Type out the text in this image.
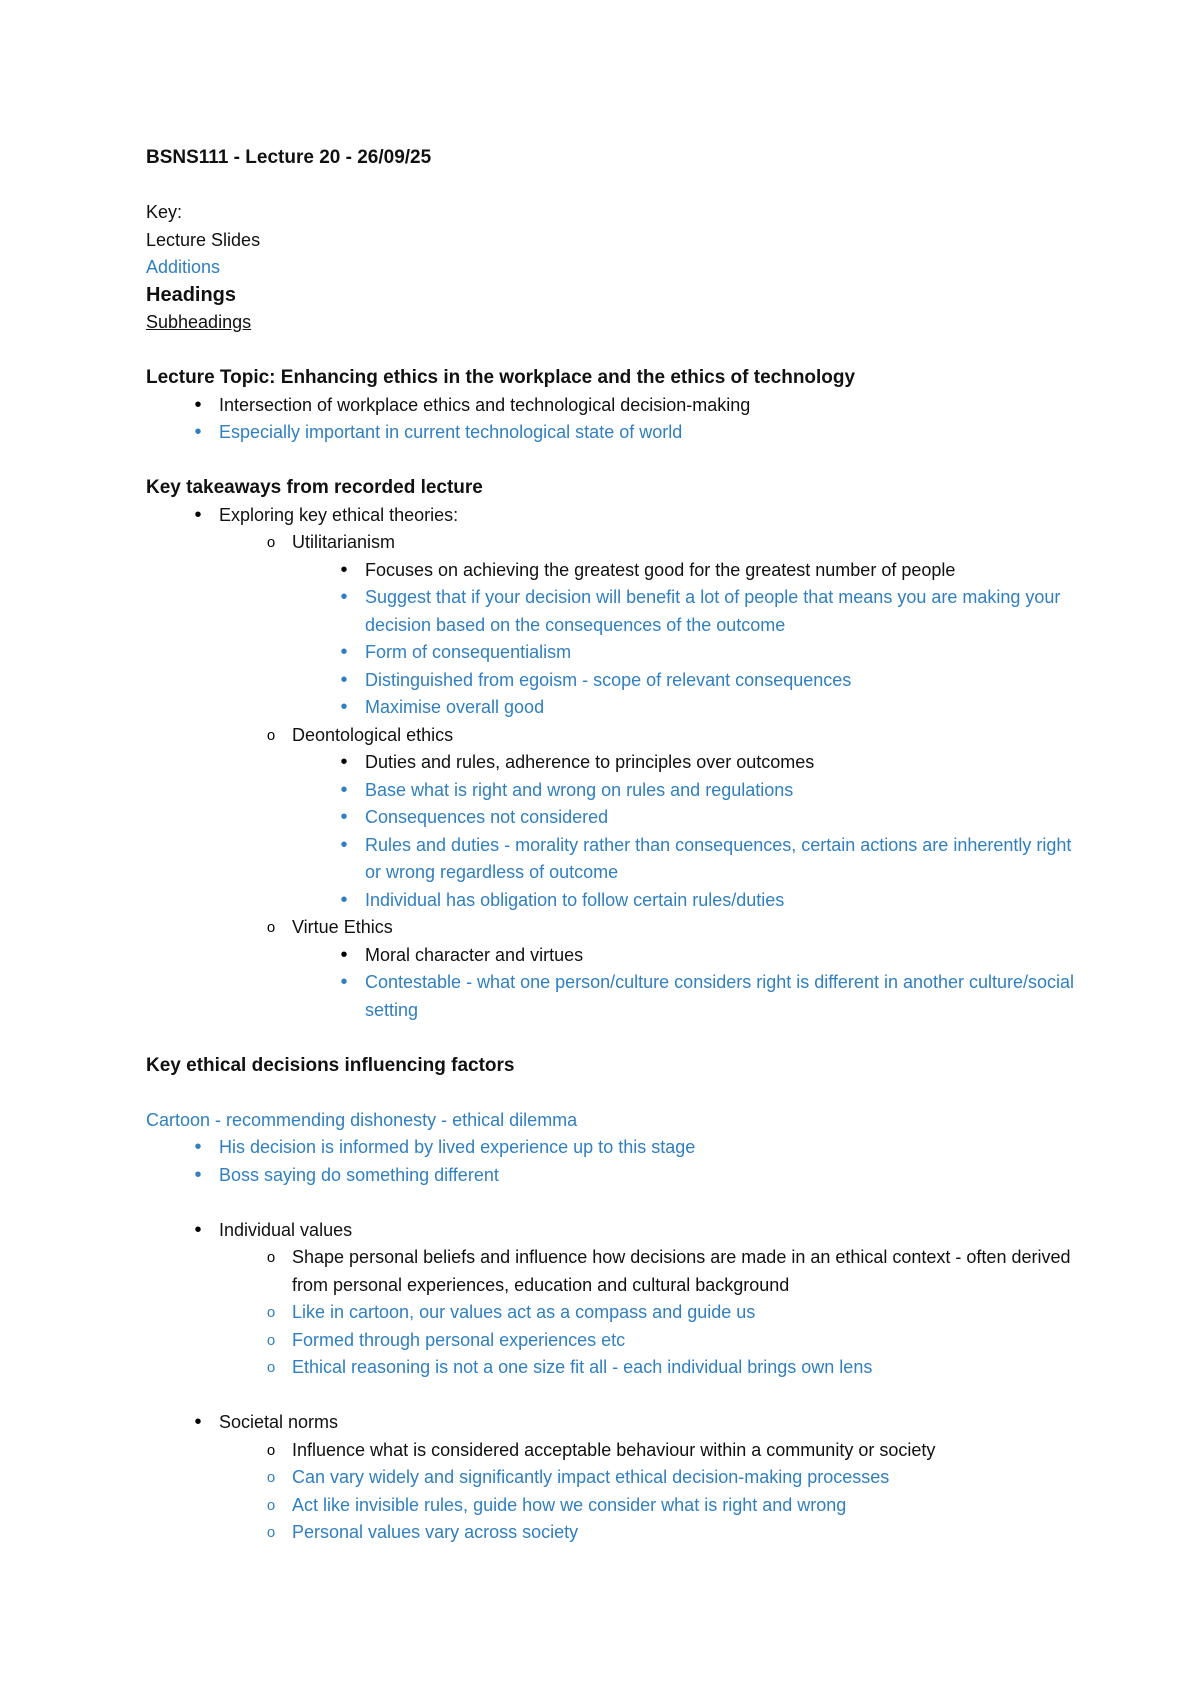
BSNS111 - Lecture 20 - 26/09/25
Key:
Lecture Slides
Additions
Headings
Subheadings
Lecture Topic: Enhancing ethics in the workplace and the ethics of technology
• Intersection of workplace ethics and technological decision-making
• Especially important in current technological state of world
Key takeaways from recorded lecture
• Exploring key ethical theories:
o Utilitarianism
• Focuses on achieving the greatest good for the greatest number of people
• Suggest that if your decision will benefit a lot of people that means you are making your decision based on the consequences of the outcome
• Form of consequentialism
• Distinguished from egoism - scope of relevant consequences
• Maximise overall good
o Deontological ethics
• Duties and rules, adherence to principles over outcomes
• Base what is right and wrong on rules and regulations
• Consequences not considered
• Rules and duties - morality rather than consequences, certain actions are inherently right or wrong regardless of outcome
• Individual has obligation to follow certain rules/duties
o Virtue Ethics
• Moral character and virtues
• Contestable - what one person/culture considers right is different in another culture/social setting
Key ethical decisions influencing factors
Cartoon - recommending dishonesty - ethical dilemma
• His decision is informed by lived experience up to this stage
• Boss saying do something different
• Individual values
o Shape personal beliefs and influence how decisions are made in an ethical context - often derived from personal experiences, education and cultural background
o Like in cartoon, our values act as a compass and guide us
o Formed through personal experiences etc
o Ethical reasoning is not a one size fit all - each individual brings own lens
• Societal norms
o Influence what is considered acceptable behaviour within a community or society
o Can vary widely and significantly impact ethical decision-making processes
o Act like invisible rules, guide how we consider what is right and wrong
o Personal values vary across society
